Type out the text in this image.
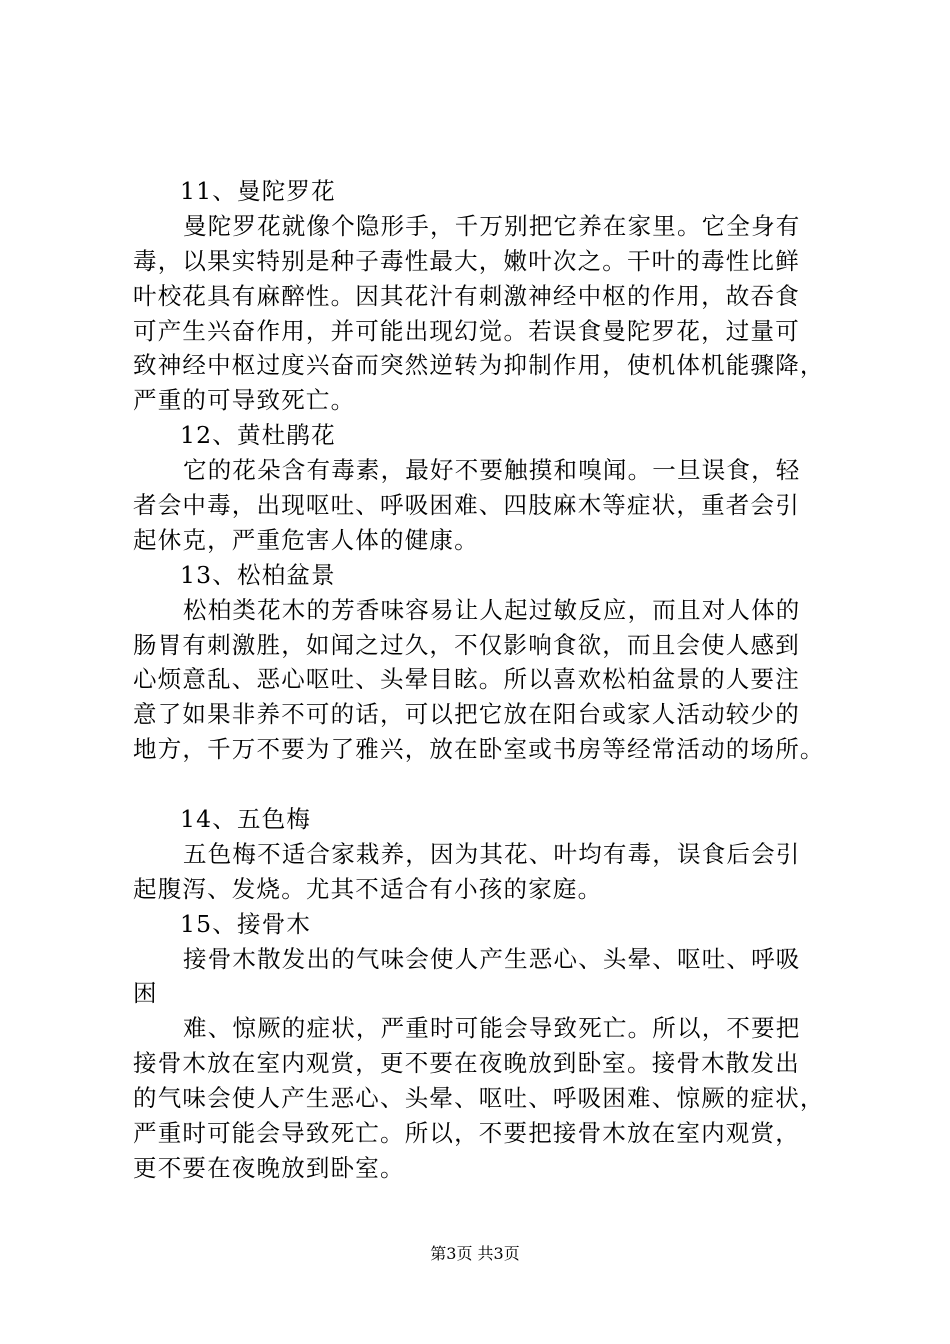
11、曼陀罗花
曼陀罗花就像个隐形手，千万别把它养在家里。它全身有
毒，以果实特别是种子毒性最大，嫩叶次之。干叶的毒性比鲜
叶校花具有麻醉性。因其花汁有刺激神经中枢的作用，故吞食
可产生兴奋作用，并可能出现幻觉。若误食曼陀罗花，过量可
致神经中枢过度兴奋而突然逆转为抑制作用，使机体机能骤降，
严重的可导致死亡。
12、黄杜鹃花
它的花朵含有毒素，最好不要触摸和嗅闻。一旦误食，轻
者会中毒，出现呕吐、呼吸困难、四肢麻木等症状，重者会引
起休克，严重危害人体的健康。
13、松柏盆景
松柏类花木的芳香味容易让人起过敏反应，而且对人体的
肠胃有刺激胜，如闻之过久，不仅影响食欲，而且会使人感到
心烦意乱、恶心呕吐、头晕目眩。所以喜欢松柏盆景的人要注
意了如果非养不可的话，可以把它放在阳台或家人活动较少的
地方，千万不要为了雅兴，放在卧室或书房等经常活动的场所。
14、五色梅
五色梅不适合家栽养，因为其花、叶均有毒，误食后会引
起腹泻、发烧。尤其不适合有小孩的家庭。
15、接骨木
接骨木散发出的气味会使人产生恶心、头晕、呕吐、呼吸
困
难、惊厥的症状，严重时可能会导致死亡。所以，不要把
接骨木放在室内观赏，更不要在夜晚放到卧室。接骨木散发出
的气味会使人产生恶心、头晕、呕吐、呼吸困难、惊厥的症状，
严重时可能会导致死亡。所以，不要把接骨木放在室内观赏，
更不要在夜晚放到卧室。
第3页 共3页
